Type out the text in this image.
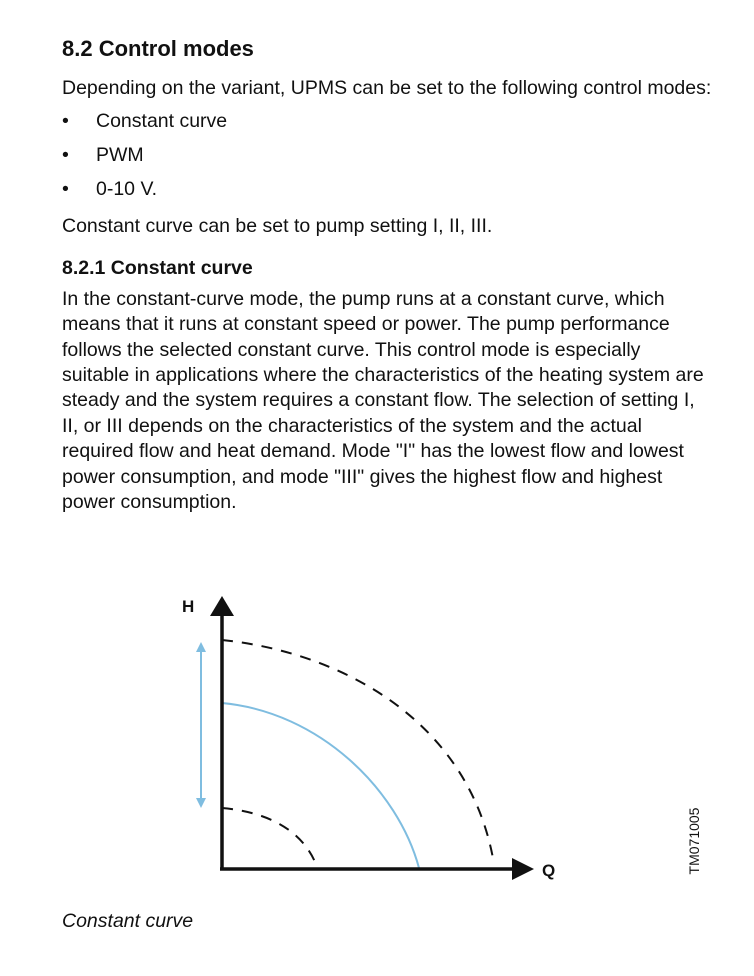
8.2 Control modes

Depending on the variant, UPMS can be set to the following control modes:

• Constant curve
• PWM
• 0-10 V.

Constant curve can be set to pump setting I, II, III.

8.2.1 Constant curve

In the constant-curve mode, the pump runs at a constant curve, which means that it runs at constant speed or power. The pump performance follows the selected constant curve. This control mode is especially suitable in applications where the characteristics of the heating system are steady and the system requires a constant flow. The selection of setting I, II, or III depends on the characteristics of the system and the actual required flow and heat demand. Mode "I" has the lowest flow and lowest power consumption, and mode "III" gives the highest flow and highest power consumption.

H
Q	TM071005
Constant curve
